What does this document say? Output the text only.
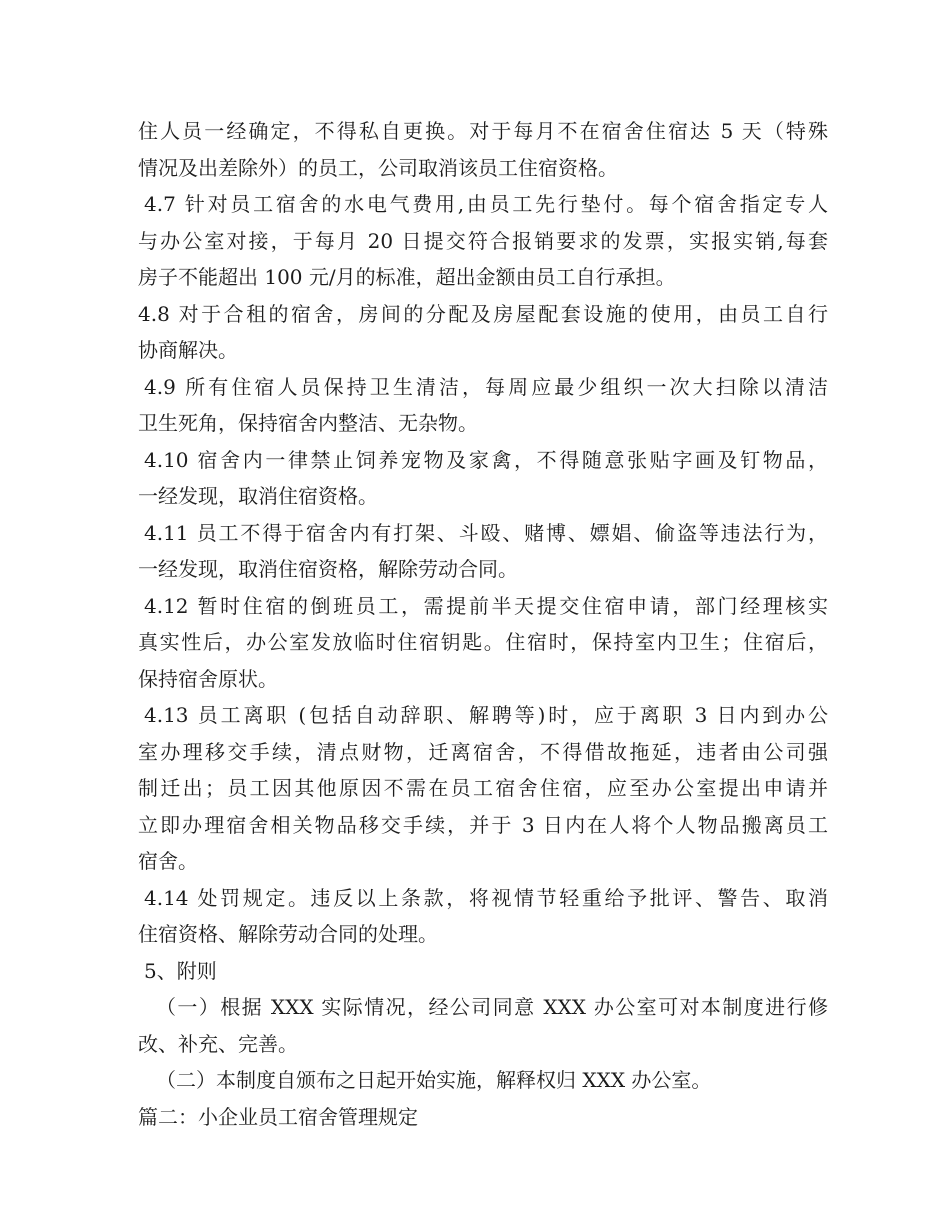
住人员一经确定，不得私自更换。对于每月不在宿舍住宿达 5 天（特殊
情况及出差除外）的员工，公司取消该员工住宿资格。
4.7 针对员工宿舍的水电气费用,由员工先行垫付。每个宿舍指定专人
与办公室对接，于每月 20 日提交符合报销要求的发票，实报实销,每套
房子不能超出 100 元/月的标准，超出金额由员工自行承担。
4.8 对于合租的宿舍，房间的分配及房屋配套设施的使用，由员工自行
协商解决。
4.9 所有住宿人员保持卫生清洁，每周应最少组织一次大扫除以清洁
卫生死角，保持宿舍内整洁、无杂物。
4.10 宿舍内一律禁止饲养宠物及家禽，不得随意张贴字画及钉物品，
一经发现，取消住宿资格。
4.11 员工不得于宿舍内有打架、斗殴、赌博、嫖娼、偷盗等违法行为，
一经发现，取消住宿资格，解除劳动合同。
4.12 暂时住宿的倒班员工，需提前半天提交住宿申请，部门经理核实
真实性后，办公室发放临时住宿钥匙。住宿时，保持室内卫生；住宿后，
保持宿舍原状。
4.13 员工离职 (包括自动辞职、解聘等)时，应于离职 3 日内到办公
室办理移交手续，清点财物，迁离宿舍，不得借故拖延，违者由公司强
制迁出；员工因其他原因不需在员工宿舍住宿，应至办公室提出申请并
立即办理宿舍相关物品移交手续，并于 3 日内在人将个人物品搬离员工
宿舍。
4.14 处罚规定。违反以上条款，将视情节轻重给予批评、警告、取消
住宿资格、解除劳动合同的处理。
5、附则
（一）根据 XXX 实际情况，经公司同意 XXX 办公室可对本制度进行修
改、补充、完善。
（二）本制度自颁布之日起开始实施，解释权归 XXX 办公室。
篇二：小企业员工宿舍管理规定
